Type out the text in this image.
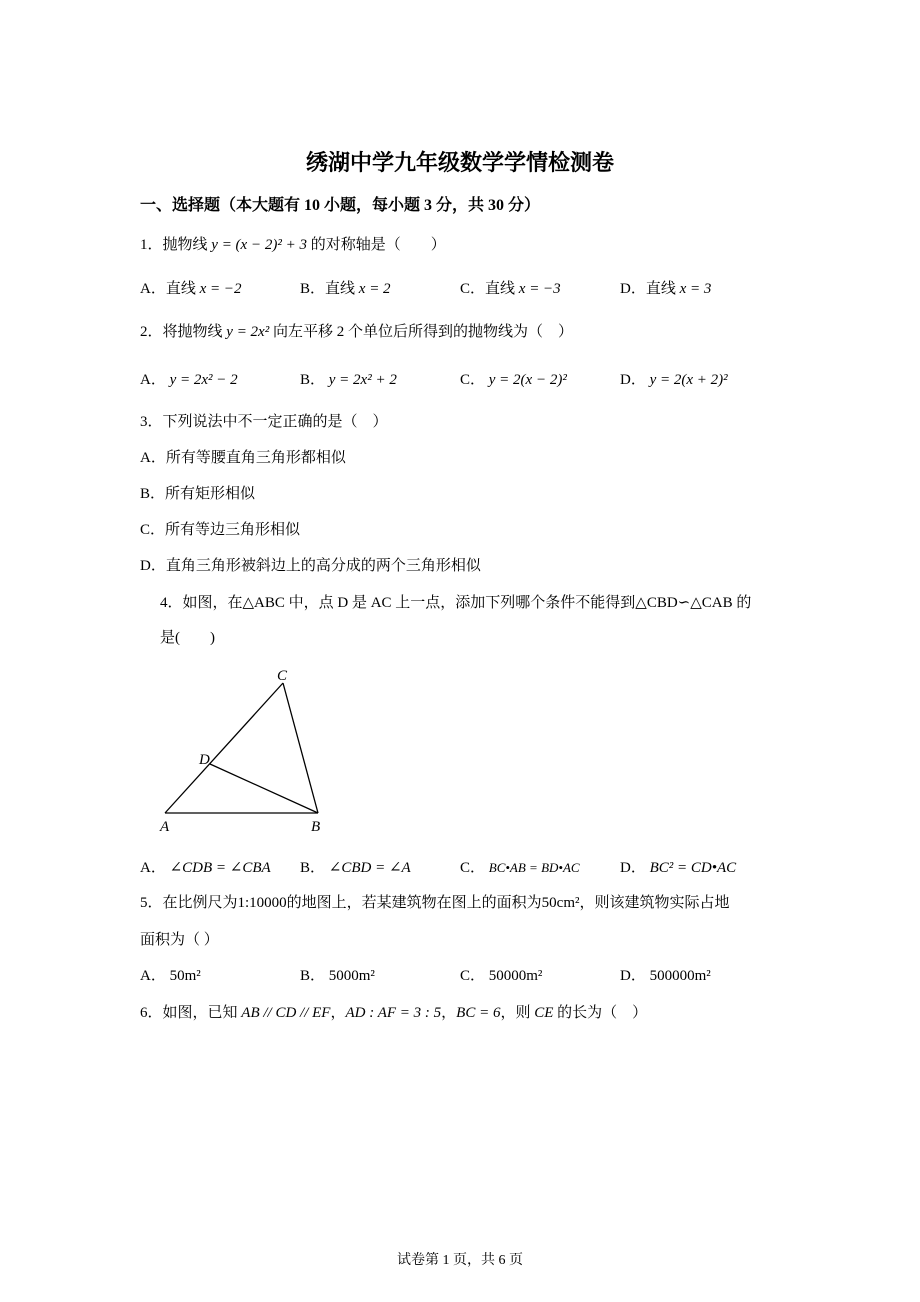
绣湖中学九年级数学学情检测卷
一、选择题（本大题有 10 小题，每小题 3 分，共 30 分）
1．抛物线 y = (x − 2)² + 3 的对称轴是（　　）
A．直线 x = −2	B．直线 x = 2	C．直线 x = −3	D．直线 x = 3
2．将抛物线 y = 2x² 向左平移 2 个单位后所得到的抛物线为（　）
A． y = 2x² − 2	B． y = 2x² + 2	C． y = 2(x − 2)²	D． y = 2(x + 2)²
3．下列说法中不一定正确的是（　）
A．所有等腰直角三角形都相似
B．所有矩形相似
C．所有等边三角形相似
D．直角三角形被斜边上的高分成的两个三角形相似
4．如图，在△ABC 中，点 D 是 AC 上一点，添加下列哪个条件不能得到△CBD∽△CAB 的
是(　　)
A	B
C
D
A． ∠CDB = ∠CBA B． ∠CBD = ∠A	C． BC•AB = BD•AC	D． BC² = CD•AC
5．在比例尺为1:10000的地图上，若某建筑物在图上的面积为50cm²，则该建筑物实际占地
面积为（ ）
A． 50m²	B． 5000m²	C． 50000m²	D． 500000m²
6．如图，已知 AB // CD // EF，AD : AF = 3 : 5，BC = 6，则 CE 的长为（　）
试卷第 1 页，共 6 页
